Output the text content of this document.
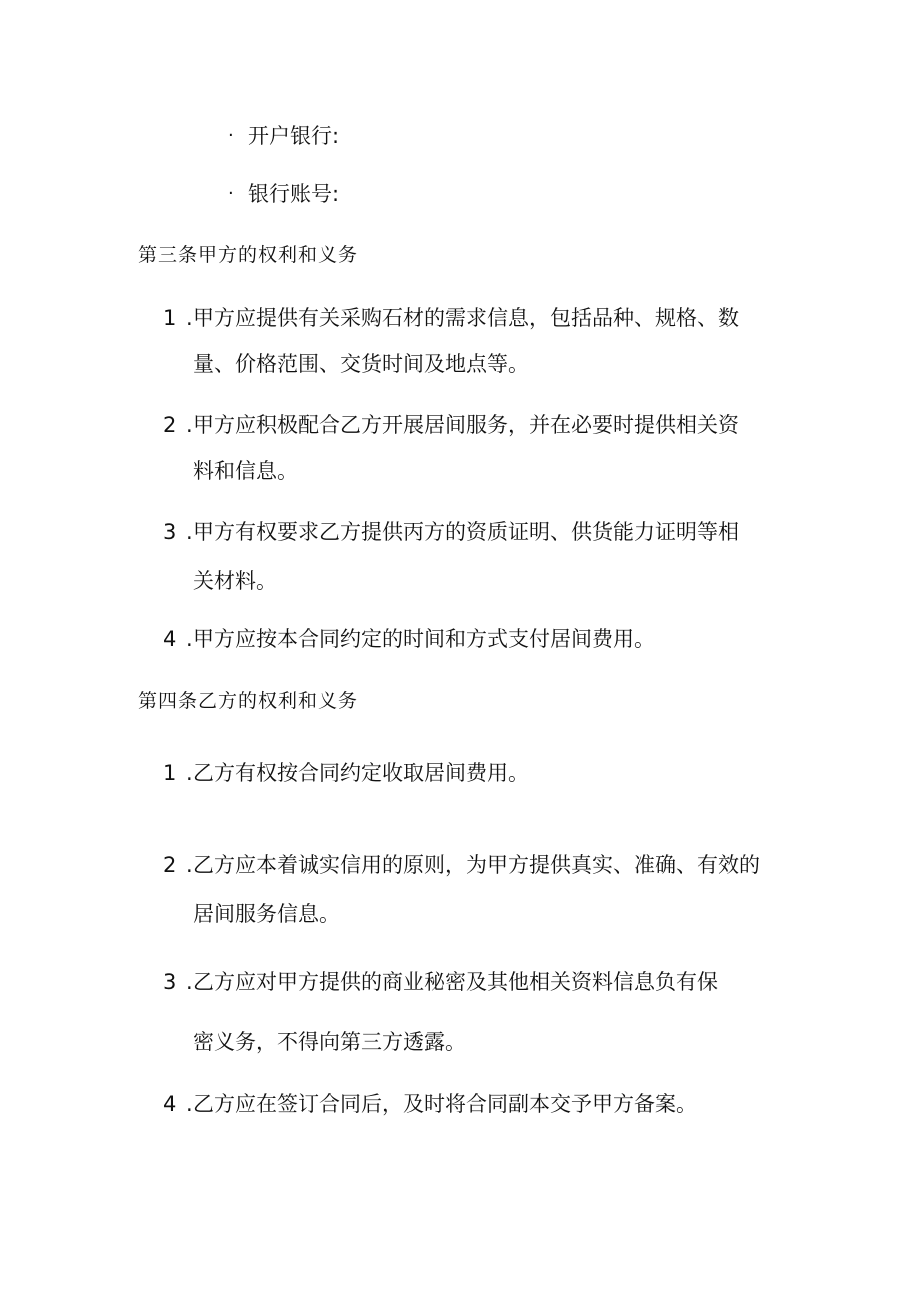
· 开户银行:
· 银行账号:
第三条甲方的权利和义务
1 . 甲方应提供有关采购石材的需求信息，包括品种、规格、数
量、价格范围、交货时间及地点等。
2 . 甲方应积极配合乙方开展居间服务，并在必要时提供相关资
料和信息。
3 . 甲方有权要求乙方提供丙方的资质证明、供货能力证明等相
关材料。
4 . 甲方应按本合同约定的时间和方式支付居间费用。
第四条乙方的权利和义务
1 . 乙方有权按合同约定收取居间费用。
2 . 乙方应本着诚实信用的原则，为甲方提供真实、准确、有效的
居间服务信息。
3 . 乙方应对甲方提供的商业秘密及其他相关资料信息负有保
密义务，不得向第三方透露。
4 . 乙方应在签订合同后，及时将合同副本交予甲方备案。
